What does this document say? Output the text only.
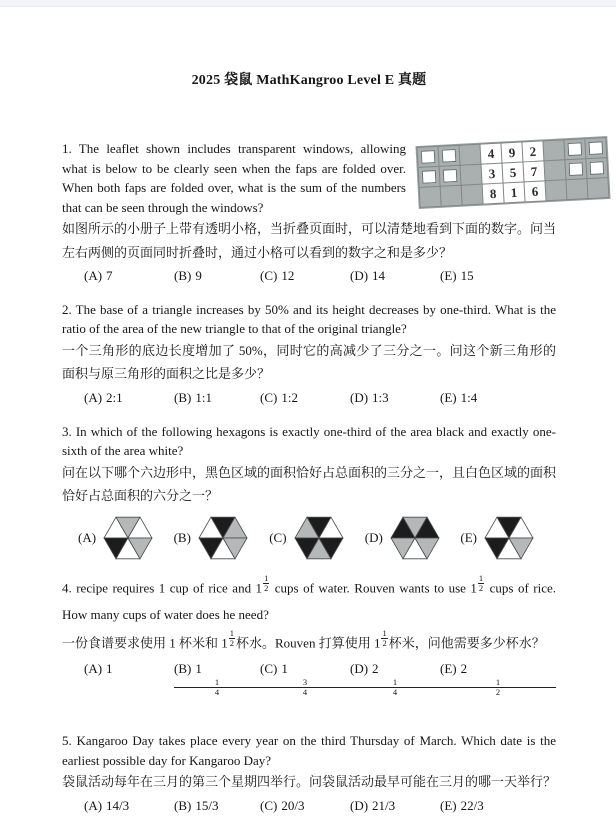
2025 袋鼠 MathKangroo Level E 真题
4	9	2
3	5	7
8	1	6
1. The leaflet shown includes transparent windows, allowing what is below to be clearly seen when the faps are folded over. When both faps are folded over, what is the sum of the numbers that can be seen through the windows?
如图所示的小册子上带有透明小格，当折叠页面时，可以清楚地看到下面的数字。问当左右两侧的页面同时折叠时，通过小格可以看到的数字之和是多少？
(A) 7	(B) 9	(C) 12	(D) 14	(E) 15
2. The base of a triangle increases by 50% and its height decreases by one-third. What is the ratio of the area of the new triangle to that of the original triangle?
一个三角形的底边长度增加了 50%，同时它的高减少了三分之一。问这个新三角形的面积与原三角形的面积之比是多少？
(A) 2:1	(B) 1:1	(C) 1:2	(D) 1:3	(E) 1:4
3. In which of the following hexagons is exactly one-third of the area black and exactly one-sixth of the area white?
问在以下哪个六边形中，黑色区域的面积恰好占总面积的三分之一，且白色区域的面积恰好占总面积的六分之一？
(A)	(B)	(C)	(D)	(E)
4. recipe requires 1 cup of rice and $1 \frac{1}{2}$ cups of water. Rouven wants to use $1 \frac{1}{2}$ cups of rice. How many cups of water does he need?
一份食谱要求使用 1 杯米和 $1 \frac{1}{2}$ 杯水。Rouven 打算使用 $1 \frac{1}{2}$ 杯米，问他需要多少杯水？
(A) 1	(B) 1
1
4
(C) 1
3
4
(D) 2
1
4
(E) 2
1
2
5. Kangaroo Day takes place every year on the third Thursday of March. Which date is the earliest possible day for Kangaroo Day?
袋鼠活动每年在三月的第三个星期四举行。问袋鼠活动最早可能在三月的哪一天举行？
(A) 14/3	(B) 15/3	(C) 20/3	(D) 21/3	(E) 22/3
